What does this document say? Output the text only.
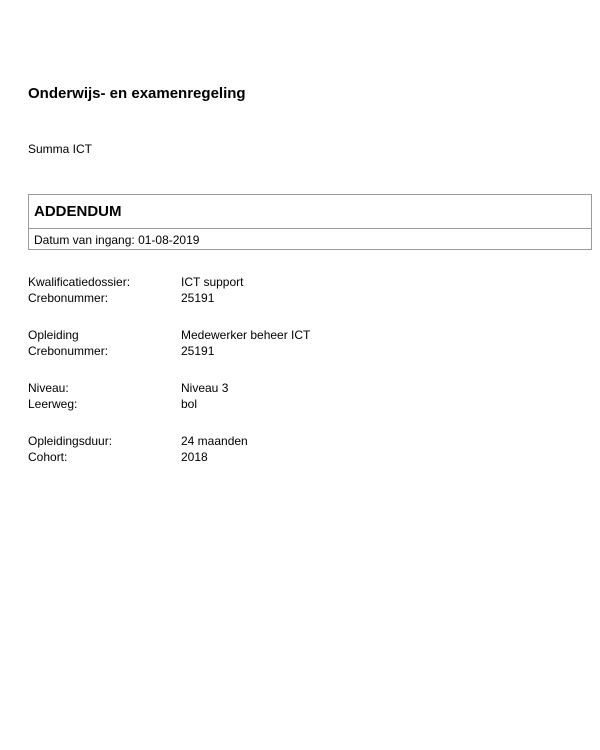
Onderwijs- en examenregeling
Summa ICT
ADDENDUM
Datum van ingang: 01-08-2019
Kwalificatiedossier:	ICT support
Crebonummer:	25191
Opleiding	Medewerker beheer ICT
Crebonummer:	25191
Niveau:	Niveau 3
Leerweg:	bol
Opleidingsduur:	24 maanden
Cohort:	2018
